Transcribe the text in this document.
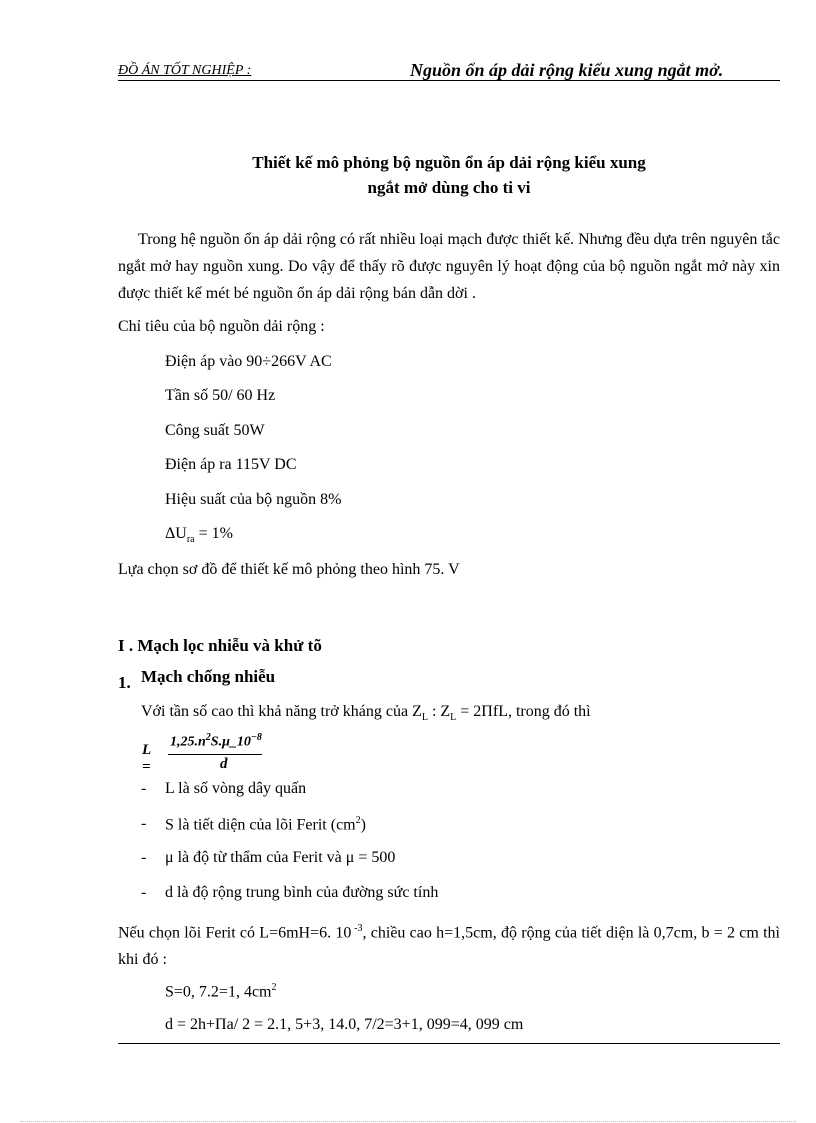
ĐỒ ÁN TỐT NGHIỆP :	Nguồn ổn áp dải rộng kiểu xung ngắt mở.
Thiết kế mô phỏng bộ nguồn ổn áp dải rộng kiểu xung
ngắt mở dùng cho ti vi
Trong hệ nguồn ổn áp dải rộng có rất nhiều loại mạch được thiết kế. Nhưng đều dựa trên nguyên tắc ngắt mở hay nguồn xung. Do vậy để thấy rõ được nguyên lý hoạt động của bộ nguồn ngắt mở này xin được thiết kế mét bé nguồn ổn áp dải rộng bán dẫn dời .
Chỉ tiêu của bộ nguồn dải rộng :
Điện áp vào 90÷266V AC
Tần số 50/ 60 Hz
Công suất 50W
Điện áp ra 115V DC
Hiệu suất của bộ nguồn 8%
$\Delta U_{ra} = 1\%$
Lựa chọn sơ đồ để thiết kế mô phỏng theo hình 75. V
I . Mạch lọc nhiễu và khử tõ
1. Mạch chống nhiễu
Với tần số cao thì khả năng trở kháng của $Z_L$ : $Z_L = 2\Pi fL$, trong đó thì
L =
$1,25.n^2S.\mu\_10^{-8}$
d
- L là số vòng dây quấn
- S là tiết diện của lõi Ferit $(cm^2)$
- μ là độ từ thẩm của Ferit và μ = 500
- d là độ rộng trung bình của đường sức tính
Nếu chọn lõi Ferit có L=6mH=6. 10 $^{-3}$, chiều cao h=1,5cm, độ rộng của tiết diện là 0,7cm, b = 2 cm thì khi đó :
S=0, 7.2=1, $4cm^2$
d = 2h+Πa/ 2 = 2.1, 5+3, 14.0, 7/2=3+1, 099=4, 099 cm
